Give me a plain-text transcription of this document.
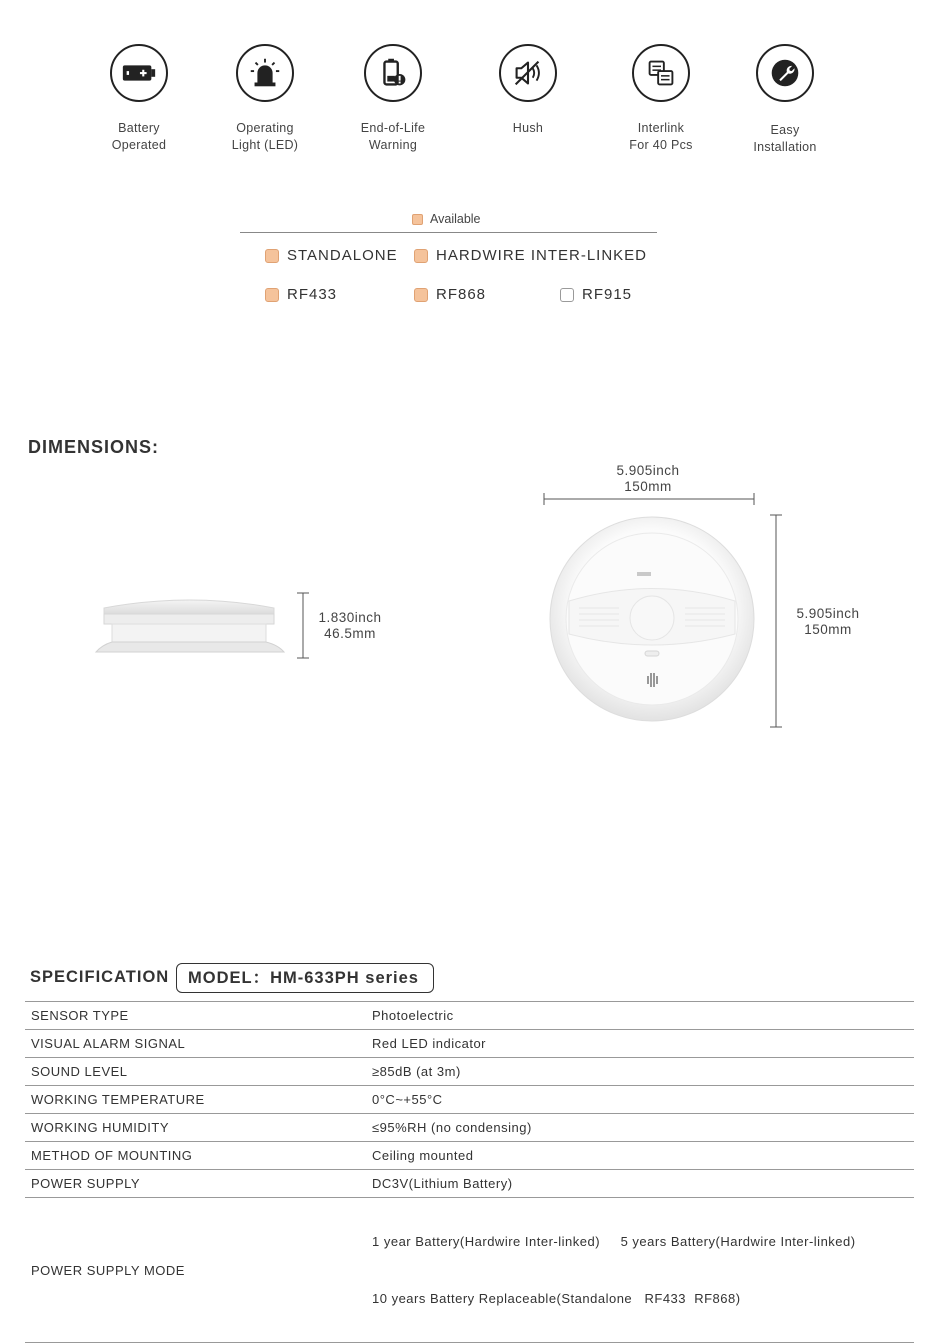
Battery
Operated
Operating
Light (LED)
End-of-Life
Warning
Hush	Interlink
For 40 Pcs
Easy
Installation
Available
STANDALONE	HARDWIRE INTER-LINKED
RF433	RF868	RF915
DIMENSIONS:
1.830inch
46.5mm
5.905inch
150mm
5.905inch
150mm
SPECIFICATION	MODEL：HM-633PH series
SENSOR TYPE	Photoelectric
VISUAL ALARM SIGNAL	Red LED indicator
SOUND LEVEL	≥85dB (at 3m)
WORKING TEMPERATURE	0°C~+55°C
WORKING HUMIDITY	≤95%RH (no condensing)
METHOD OF MOUNTING	Ceiling mounted
POWER SUPPLY	DC3V(Lithium Battery)
POWER SUPPLY MODE

1 year Battery(Hardwire Inter-linked)     5 years Battery(Hardwire Inter-linked)

10 years Battery Replaceable(Standalone   RF433  RF868)
